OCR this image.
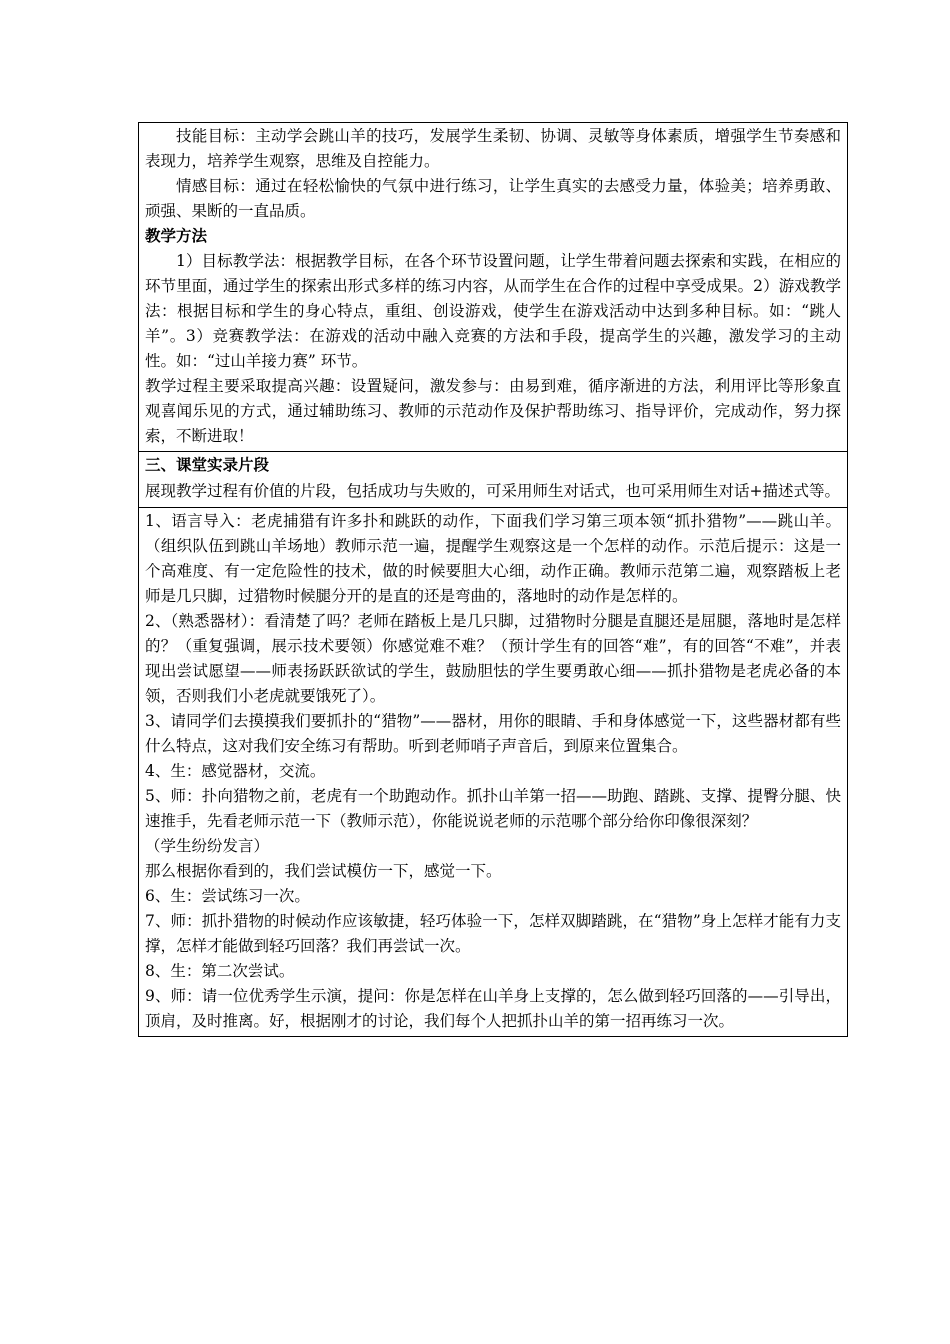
技能目标：主动学会跳山羊的技巧，发展学生柔韧、协调、灵敏等身体素质，增强学生节奏感和表现力，培养学生观察，思维及自控能力。

情感目标：通过在轻松愉快的气氛中进行练习，让学生真实的去感受力量，体验美；培养勇敢、顽强、果断的一直品质。

教学方法

1）目标教学法：根据教学目标，在各个环节设置问题，让学生带着问题去探索和实践，在相应的环节里面，通过学生的探索出形式多样的练习内容，从而学生在合作的过程中享受成果。2）游戏教学法：根据目标和学生的身心特点，重组、创设游戏，使学生在游戏活动中达到多种目标。如：“跳人羊”。3）竞赛教学法：在游戏的活动中融入竞赛的方法和手段，提高学生的兴趣，激发学习的主动性。如：“过山羊接力赛” 环节。

教学过程主要采取提高兴趣：设置疑问，激发参与：由易到难，循序渐进的方法，利用评比等形象直观喜闻乐见的方式，通过辅助练习、教师的示范动作及保护帮助练习、指导评价，完成动作，努力探索，不断进取！

三、课堂实录片段

展现教学过程有价值的片段，包括成功与失败的，可采用师生对话式，也可采用师生对话+描述式等。

1、语言导入：老虎捕猎有许多扑和跳跃的动作，下面我们学习第三项本领“抓扑猎物”——跳山羊。（组织队伍到跳山羊场地）教师示范一遍，提醒学生观察这是一个怎样的动作。示范后提示：这是一个高难度、有一定危险性的技术，做的时候要胆大心细，动作正确。教师示范第二遍，观察踏板上老师是几只脚，过猎物时候腿分开的是直的还是弯曲的，落地时的动作是怎样的。

2、（熟悉器材）：看清楚了吗？老师在踏板上是几只脚，过猎物时分腿是直腿还是屈腿，落地时是怎样的？（重复强调，展示技术要领）你感觉难不难？（预计学生有的回答“难”，有的回答“不难”，并表现出尝试愿望——师表扬跃跃欲试的学生，鼓励胆怯的学生要勇敢心细——抓扑猎物是老虎必备的本领，否则我们小老虎就要饿死了）。

3、请同学们去摸摸我们要抓扑的“猎物”——器材，用你的眼睛、手和身体感觉一下，这些器材都有些什么特点，这对我们安全练习有帮助。听到老师哨子声音后，到原来位置集合。

4、生：感觉器材，交流。

5、师：扑向猎物之前，老虎有一个助跑动作。抓扑山羊第一招——助跑、踏跳、支撑、提臀分腿、快速推手，先看老师示范一下（教师示范），你能说说老师的示范哪个部分给你印像很深刻？

（学生纷纷发言）

那么根据你看到的，我们尝试模仿一下，感觉一下。

6、生：尝试练习一次。

7、师：抓扑猎物的时候动作应该敏捷，轻巧体验一下，怎样双脚踏跳，在“猎物”身上怎样才能有力支撑，怎样才能做到轻巧回落？我们再尝试一次。

8、生：第二次尝试。

9、师：请一位优秀学生示演，提问：你是怎样在山羊身上支撑的，怎么做到轻巧回落的——引导出，顶肩，及时推离。好，根据刚才的讨论，我们每个人把抓扑山羊的第一招再练习一次。
